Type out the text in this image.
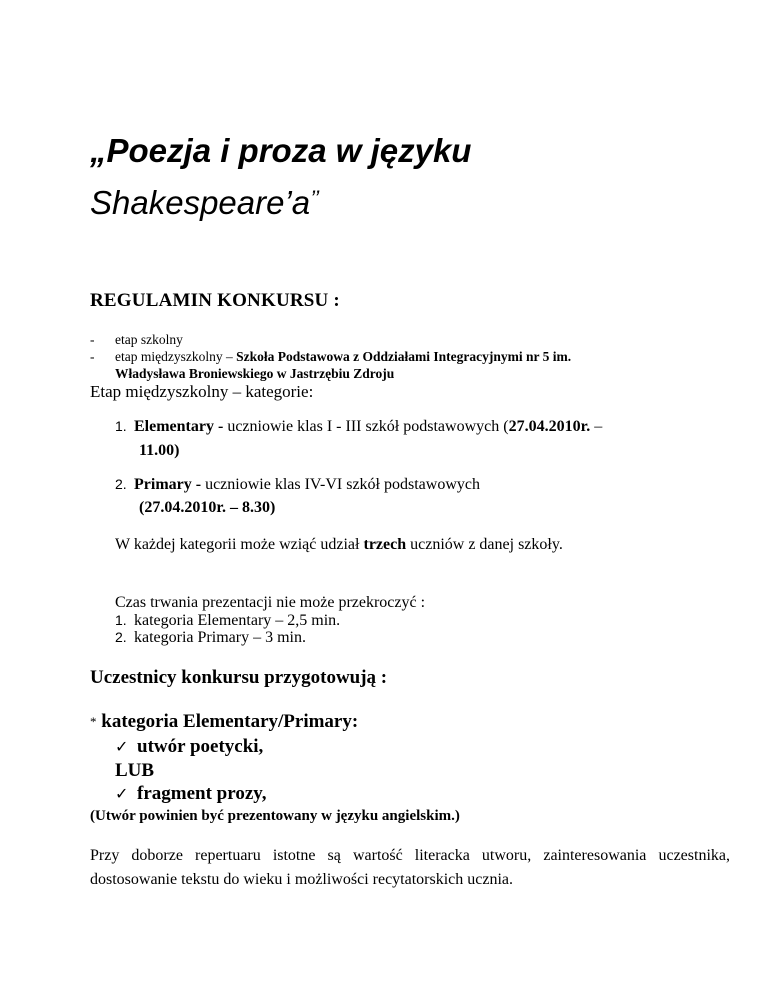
„Poezja i proza w języku
Shakespeare’a’’
REGULAMIN KONKURSU :
- etap szkolny
- etap międzyszkolny – Szkoła Podstawowa z Oddziałami Integracyjnymi nr 5 im.
Władysława Broniewskiego w Jastrzębiu Zdroju
Etap międzyszkolny – kategorie:
1. Elementary - uczniowie klas I - III szkół podstawowych (27.04.2010r. –
11.00)
2. Primary - uczniowie klas IV-VI szkół podstawowych
(27.04.2010r. – 8.30)
W każdej kategorii może wziąć udział trzech uczniów z danej szkoły.
Czas trwania prezentacji nie może przekroczyć :
1. kategoria Elementary – 2,5 min.
2. kategoria Primary – 3 min.
Uczestnicy konkursu przygotowują :
* kategoria Elementary/Primary:
✓ utwór poetycki,
LUB
✓ fragment prozy,
(Utwór powinien być prezentowany w języku angielskim.)
Przy doborze repertuaru istotne są wartość literacka utworu, zainteresowania uczestnika, dostosowanie tekstu do wieku i możliwości recytatorskich ucznia.
